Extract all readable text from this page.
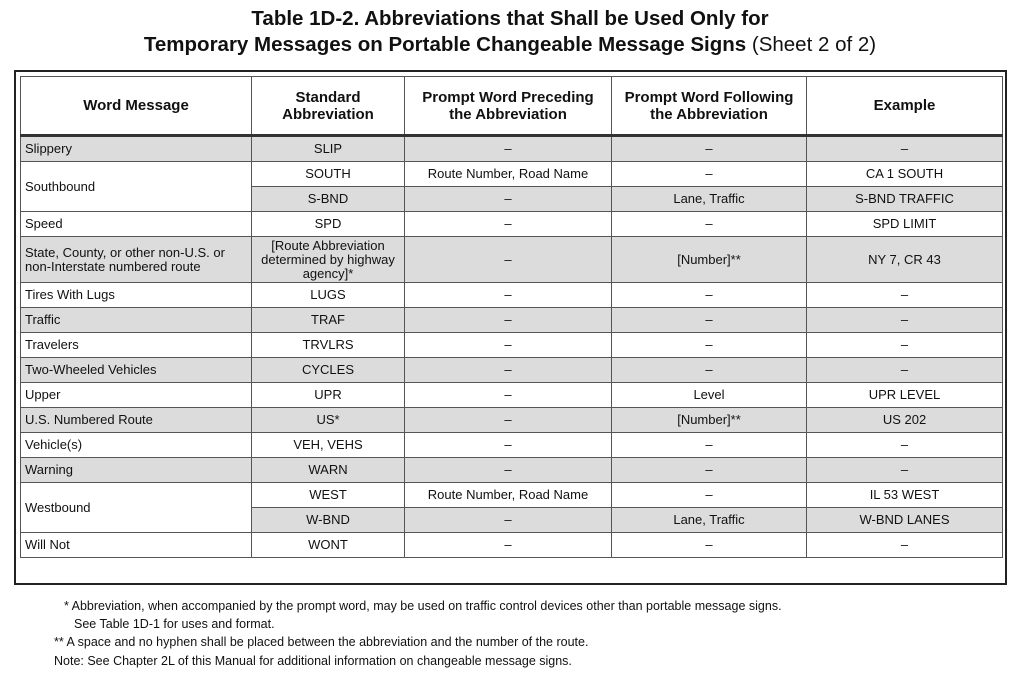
Table 1D-2. Abbreviations that Shall be Used Only for
Temporary Messages on Portable Changeable Message Signs (Sheet 2 of 2)
Word Message	Standard Abbreviation	Prompt Word Preceding the Abbreviation	Prompt Word Following the Abbreviation	Example
Slippery	SLIP	–	–	–
Southbound	SOUTH	Route Number, Road Name	–	CA 1 SOUTH
	S-BND	–	Lane, Traffic	S-BND TRAFFIC
Speed	SPD	–	–	SPD LIMIT
State, County, or other non-U.S. or non-Interstate numbered route	[Route Abbreviation determined by highway agency]*	–	[Number]**	NY 7, CR 43
Tires With Lugs	LUGS	–	–	–
Traffic	TRAF	–	–	–
Travelers	TRVLRS	–	–	–
Two-Wheeled Vehicles	CYCLES	–	–	–
Upper	UPR	–	Level	UPR LEVEL
U.S. Numbered Route	US*	–	[Number]**	US 202
Vehicle(s)	VEH, VEHS	–	–	–
Warning	WARN	–	–	–
Westbound	WEST	Route Number, Road Name	–	IL 53 WEST
	W-BND	–	Lane, Traffic	W-BND LANES
Will Not	WONT	–	–	–
* Abbreviation, when accompanied by the prompt word, may be used on traffic control devices other than portable message signs.
See Table 1D-1 for uses and format.
** A space and no hyphen shall be placed between the abbreviation and the number of the route.
Note: See Chapter 2L of this Manual for additional information on changeable message signs.
